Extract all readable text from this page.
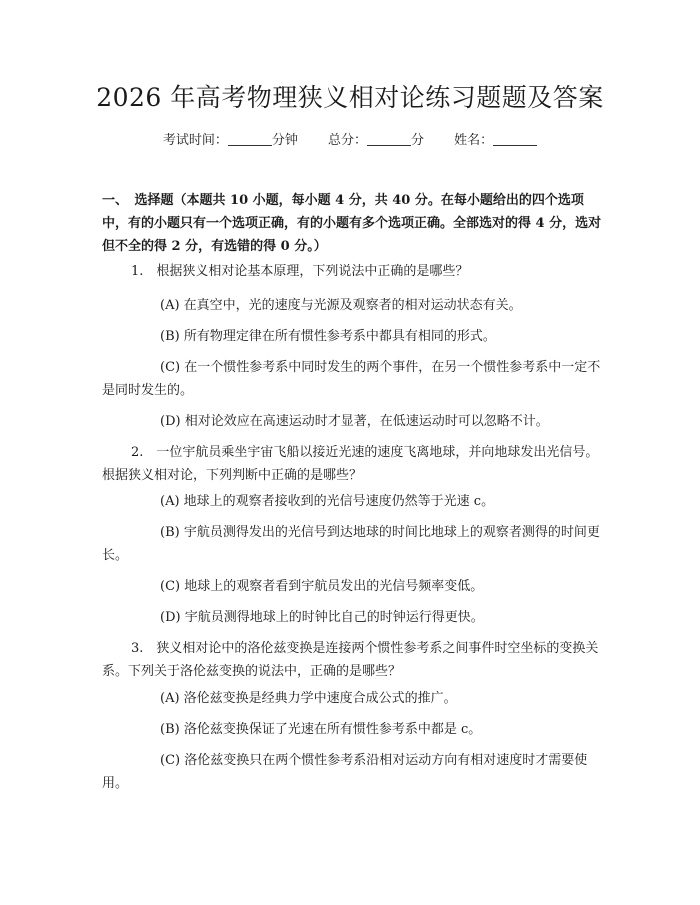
2026 年高考物理狭义相对论练习题题及答案
考试时间：	分钟 总分：	分 姓名：

一、　选择题（本题共 10 小题，每小题 4 分，共 40 分。在每小题给出的四个选项中，有的小题只有一个选项正确，有的小题有多个选项正确。全部选对的得 4 分，选对但不全的得 2 分，有选错的得 0 分。）

1.　根据狭义相对论基本原理，下列说法中正确的是哪些？

(A) 在真空中，光的速度与光源及观察者的相对运动状态有关。

(B) 所有物理定律在所有惯性参考系中都具有相同的形式。

(C) 在一个惯性参考系中同时发生的两个事件，在另一个惯性参考系中一定不是同时发生的。

(D) 相对论效应在高速运动时才显著，在低速运动时可以忽略不计。

2.　一位宇航员乘坐宇宙飞船以接近光速的速度飞离地球，并向地球发出光信号。根据狭义相对论，下列判断中正确的是哪些？

(A) 地球上的观察者接收到的光信号速度仍然等于光速 c。

(B) 宇航员测得发出的光信号到达地球的时间比地球上的观察者测得的时间更长。

(C) 地球上的观察者看到宇航员发出的光信号频率变低。

(D) 宇航员测得地球上的时钟比自己的时钟运行得更快。

3.　狭义相对论中的洛伦兹变换是连接两个惯性参考系之间事件时空坐标的变换关系。下列关于洛伦兹变换的说法中，正确的是哪些？

(A) 洛伦兹变换是经典力学中速度合成公式的推广。

(B) 洛伦兹变换保证了光速在所有惯性参考系中都是 c。

(C) 洛伦兹变换只在两个惯性参考系沿相对运动方向有相对速度时才需要使用。
